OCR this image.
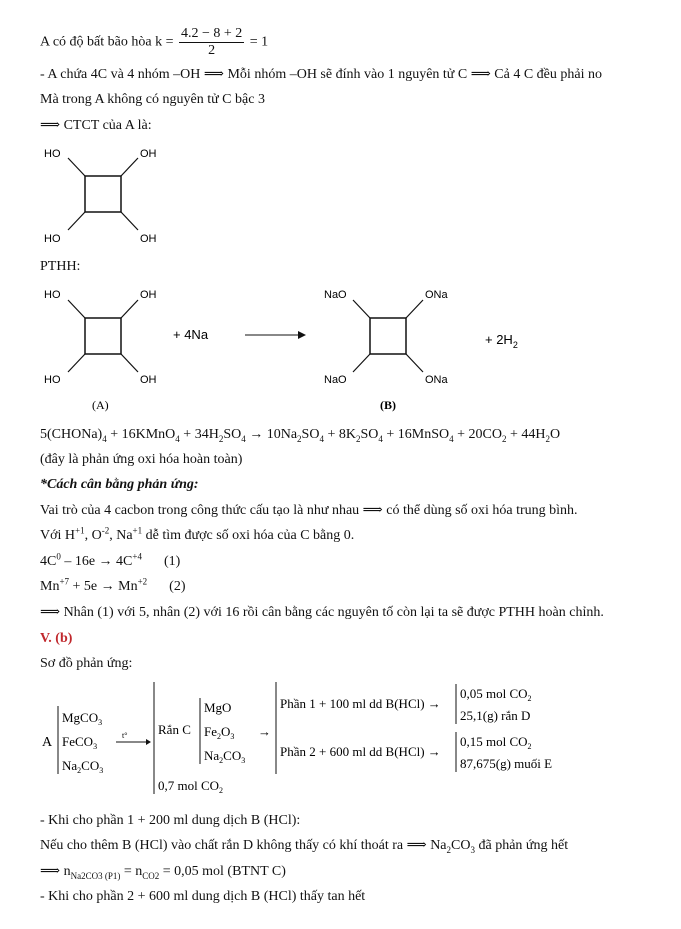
A có độ bất bão hòa $k = \frac{4.2 - 8 + 2}{2} = 1$
- A chứa 4C và 4 nhóm –OH ⟹ Mỗi nhóm –OH sẽ đính vào 1 nguyên tử C ⟹ Cả 4 C đều phải no
Mà trong A không có nguyên tử C bậc 3
⟹ CTCT của A là:
HO	OH
HO	OH
PTHH:
HO	OH
HO	OH
(A)
+ 4Na
NaO	ONa
NaO	ONa
(B)
+ $2H_2$
$5(CHONa)_4$ + 16KMnO$_4$ + $34H_2SO_4 \to 10Na_2SO_4 + 8K_2SO_4$ + 16MnSO$_4$ + $20CO_2 + 44H_2O$
(đây là phản ứng oxi hóa hoàn toàn)
*Cách cân bằng phản ứng:
Vai trò của 4 cacbon trong công thức cấu tạo là như nhau ⟹ có thể dùng số oxi hóa trung bình.
Với $H^{+1}$, $O^{-2}$, $Na^{+1}$ dễ tìm được số oxi hóa của C bằng 0.
$4C^0 - 16e \to 4C^{+4}$ (1)
$Mn^{+7} + 5e \to Mn^{+2}$ (2)
⟹ Nhân (1) với 5, nhân (2) với 16 rồi cân bằng các nguyên tố còn lại ta sẽ được PTHH hoàn chỉnh.
V. (b)
Sơ đồ phản ứng:
A
MgCO$_3$
FeCO$_3$
$Na_2CO_3$
t° Rắn C
MgO
$Fe_2O_3$
$Na_2CO_3$
→
0,7 mol $CO_2$
Phần 1 + 100 ml dd B(HCl) →
Phần 2 + 600 ml dd B(HCl) →
0,05 mol $CO_2$
25,1(g) rắn D
0,15 mol $CO_2$
87,675(g) muối E
- Khi cho phần 1 + 200 ml dung dịch B (HCl):
Nếu cho thêm B (HCl) vào chất rắn D không thấy có khí thoát ra ⟹ $Na_2CO_3$ đã phản ứng hết
⟹ $n_{Na2CO3 (P1)} = n_{CO2} = 0,05$ mol (BTNT C)
- Khi cho phần 2 + 600 ml dung dịch B (HCl) thấy tan hết
